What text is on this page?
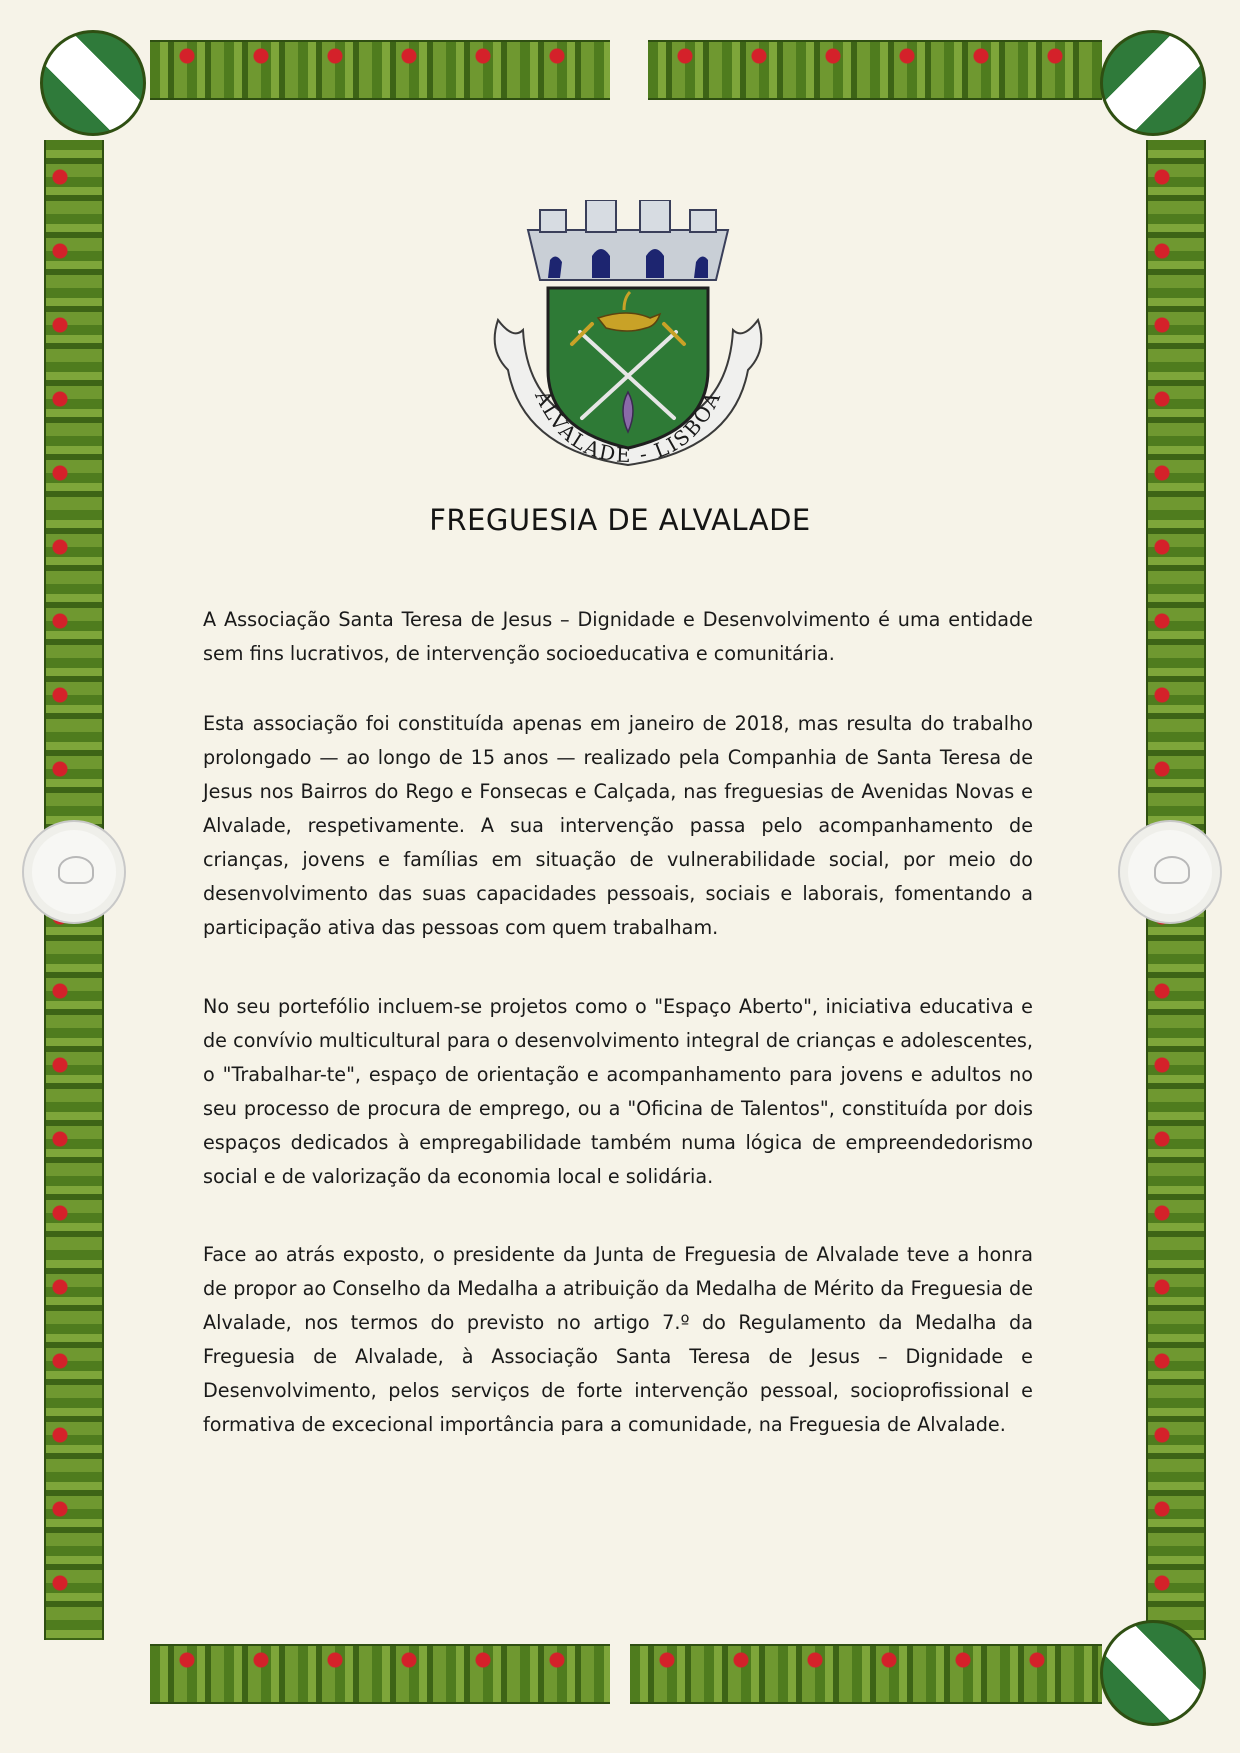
ALVALADE - LISBOA
FREGUESIA DE ALVALADE

A Associação Santa Teresa de Jesus – Dignidade e Desenvolvimento é uma entidade sem fins lucrativos, de intervenção socioeducativa e comunitária.

Esta associação foi constituída apenas em janeiro de 2018, mas resulta do trabalho prolongado — ao longo de 15 anos — realizado pela Companhia de Santa Teresa de Jesus nos Bairros do Rego e Fonsecas e Calçada, nas freguesias de Avenidas Novas e Alvalade, respetivamente. A sua intervenção passa pelo acompanhamento de crianças, jovens e famílias em situação de vulnerabilidade social, por meio do desenvolvimento das suas capacidades pessoais, sociais e laborais, fomentando a participação ativa das pessoas com quem trabalham.

No seu portefólio incluem-se projetos como o "Espaço Aberto", iniciativa educativa e de convívio multicultural para o desenvolvimento integral de crianças e adolescentes, o "Trabalhar-te", espaço de orientação e acompanhamento para jovens e adultos no seu processo de procura de emprego, ou a "Oficina de Talentos", constituída por dois espaços dedicados à empregabilidade também numa lógica de empreendedorismo social e de valorização da economia local e solidária.

Face ao atrás exposto, o presidente da Junta de Freguesia de Alvalade teve a honra de propor ao Conselho da Medalha a atribuição da Medalha de Mérito da Freguesia de Alvalade, nos termos do previsto no artigo 7.º do Regulamento da Medalha da Freguesia de Alvalade, à Associação Santa Teresa de Jesus – Dignidade e Desenvolvimento, pelos serviços de forte intervenção pessoal, socioprofissional e formativa de excecional importância para a comunidade, na Freguesia de Alvalade.
